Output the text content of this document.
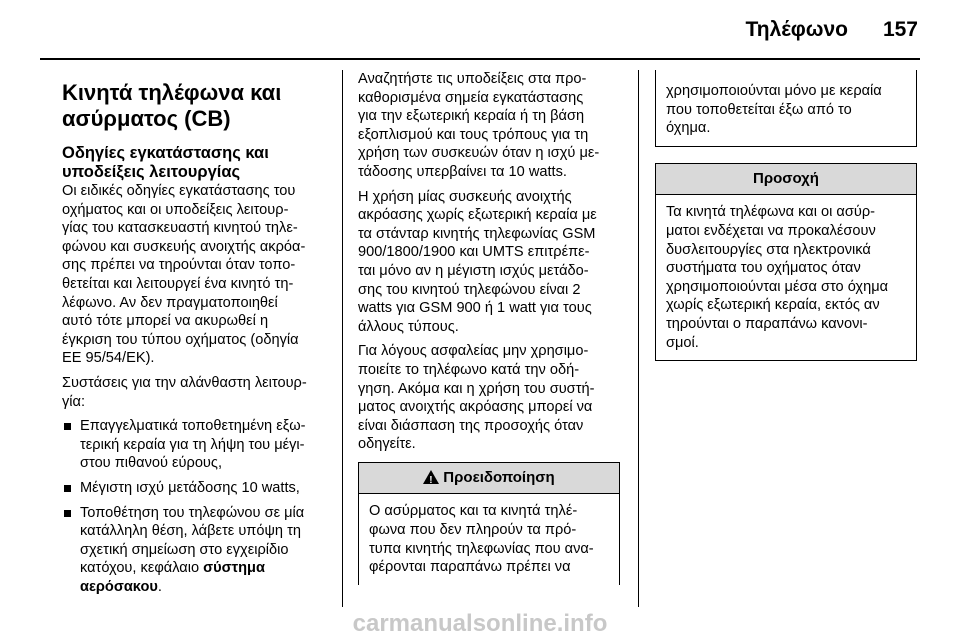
Τηλέφωνο 157
Κινητά τηλέφωνα και
ασύρματος (CB)
Οδηγίες εγκατάστασης και
υποδείξεις λειτουργίας

Οι ειδικές οδηγίες εγκατάστασης του
οχήματος και οι υποδείξεις λειτουρ-
γίας του κατασκευαστή κινητού τηλε-
φώνου και συσκευής ανοιχτής ακρόα-
σης πρέπει να τηρούνται όταν τοπο-
θετείται και λειτουργεί ένα κινητό τη-
λέφωνο. Αν δεν πραγματοποιηθεί
αυτό τότε μπορεί να ακυρωθεί η
έγκριση του τύπου οχήματος (οδηγία
ΕΕ 95/54/ΕΚ).

Συστάσεις για την αλάνθαστη λειτουρ-
γία:

Επαγγελματικά τοποθετημένη εξω-
τερική κεραία για τη λήψη του μέγι-
στου πιθανού εύρους,
Μέγιστη ισχύ μετάδοσης 10 watts,
Τοποθέτηση του τηλεφώνου σε μία
κατάλληλη θέση, λάβετε υπόψη τη
σχετική σημείωση στο εγχειρίδιο
κατόχου, κεφάλαιο σύστημα
αερόσακου.

Αναζητήστε τις υποδείξεις στα προ-
καθορισμένα σημεία εγκατάστασης
για την εξωτερική κεραία ή τη βάση
εξοπλισμού και τους τρόπους για τη
χρήση των συσκευών όταν η ισχύ με-
τάδοσης υπερβαίνει τα 10 watts.

Η χρήση μίας συσκευής ανοιχτής
ακρόασης χωρίς εξωτερική κεραία με
τα στάνταρ κινητής τηλεφωνίας GSM
900/1800/1900 και UMTS επιτρέπε-
ται μόνο αν η μέγιστη ισχύς μετάδο-
σης του κινητού τηλεφώνου είναι 2
watts για GSM 900 ή 1 watt για τους
άλλους τύπους.

Για λόγους ασφαλείας μην χρησιμο-
ποιείτε το τηλέφωνο κατά την οδή-
γηση. Ακόμα και η χρήση του συστή-
ματος ανοιχτής ακρόασης μπορεί να
είναι διάσπαση της προσοχής όταν
οδηγείτε.

!Προειδοποίηση
Ο ασύρματος και τα κινητά τηλέ-
φωνα που δεν πληρούν τα πρό-
τυπα κινητής τηλεφωνίας που ανα-
φέρονται παραπάνω πρέπει να
χρησιμοποιούνται μόνο με κεραία
που τοποθετείται έξω από το
όχημα.
Προσοχή
Τα κινητά τηλέφωνα και οι ασύρ-
ματοι ενδέχεται να προκαλέσουν
δυσλειτουργίες στα ηλεκτρονικά
συστήματα του οχήματος όταν
χρησιμοποιούνται μέσα στο όχημα
χωρίς εξωτερική κεραία, εκτός αν
τηρούνται ο παραπάνω κανονι-
σμοί.
carmanualsonline.info
